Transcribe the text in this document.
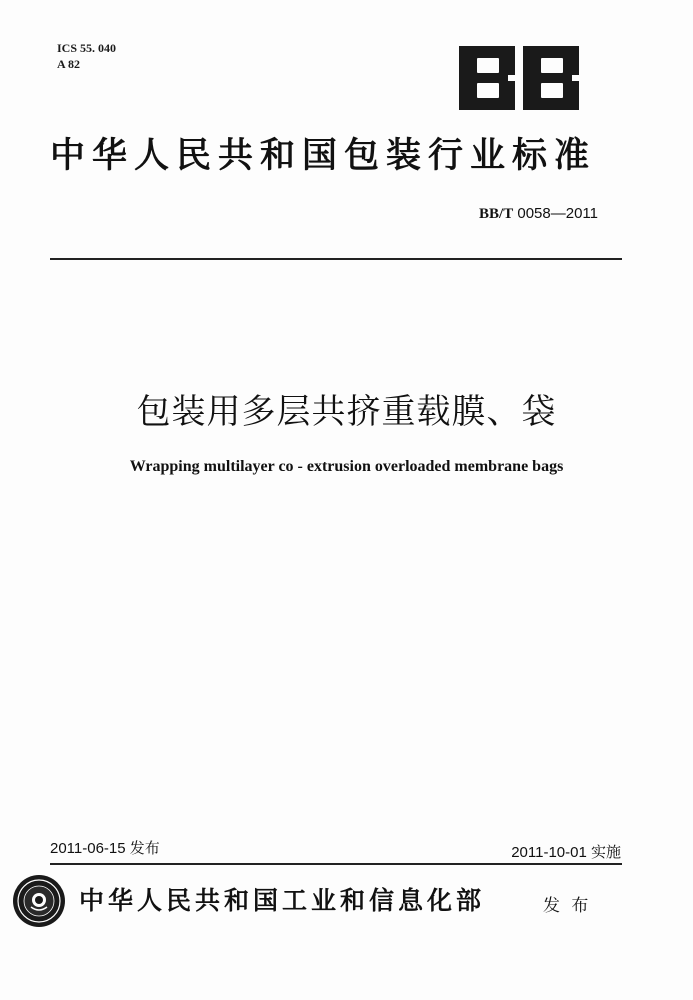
ICS 55. 040
A 82
中华人民共和国包装行业标准
BB/T 0058—2011
包装用多层共挤重载膜、袋
Wrapping multilayer co - extrusion overloaded membrane bags
2011-06-15 发布	2011-10-01 实施
中华人民共和国工业和信息化部	发 布
